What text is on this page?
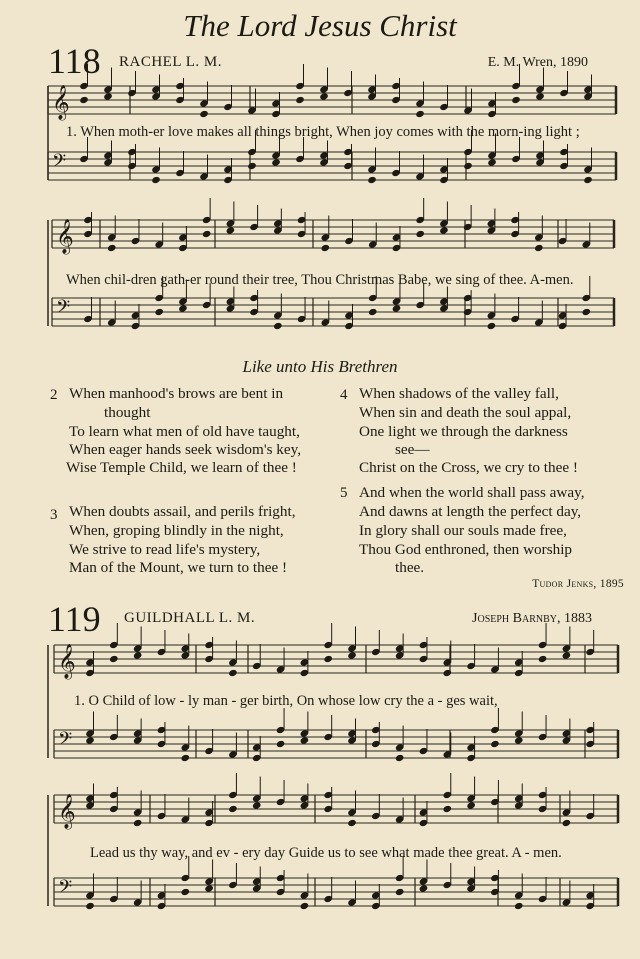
The Lord Jesus Christ
118 RACHEL L. M.	E. M. Wren, 1890
𝄞
𝄢
𝄞
𝄢
𝄞
𝄢
𝄞
𝄢
1. When moth-er love makes all things bright, When joy comes with the morn-ing light ;
When chil-dren gath-er round their tree, Thou Christmas Babe, we sing of thee. A-men.
Like unto His Brethren
2 When manhood's brows are bent in
thought
To learn what men of old have taught,
When eager hands seek wisdom's key,
Wise Temple Child, we learn of thee !
3 When doubts assail, and perils fright,
When, groping blindly in the night,
We strive to read life's mystery,
Man of the Mount, we turn to thee !
4 When shadows of the valley fall,
When sin and death the soul appal,
One light we through the darkness
see—
Christ on the Cross, we cry to thee !
5 And when the world shall pass away,
And dawns at length the perfect day,
In glory shall our souls made free,
Thou God enthroned, then worship
thee.
Tudor Jenks, 1895
119 GUILDHALL L. M.	Joseph Barnby, 1883
1. O Child of low - ly man - ger birth, On whose low cry the a - ges wait,
Lead us thy way, and ev - ery day Guide us to see what made thee great. A - men.
